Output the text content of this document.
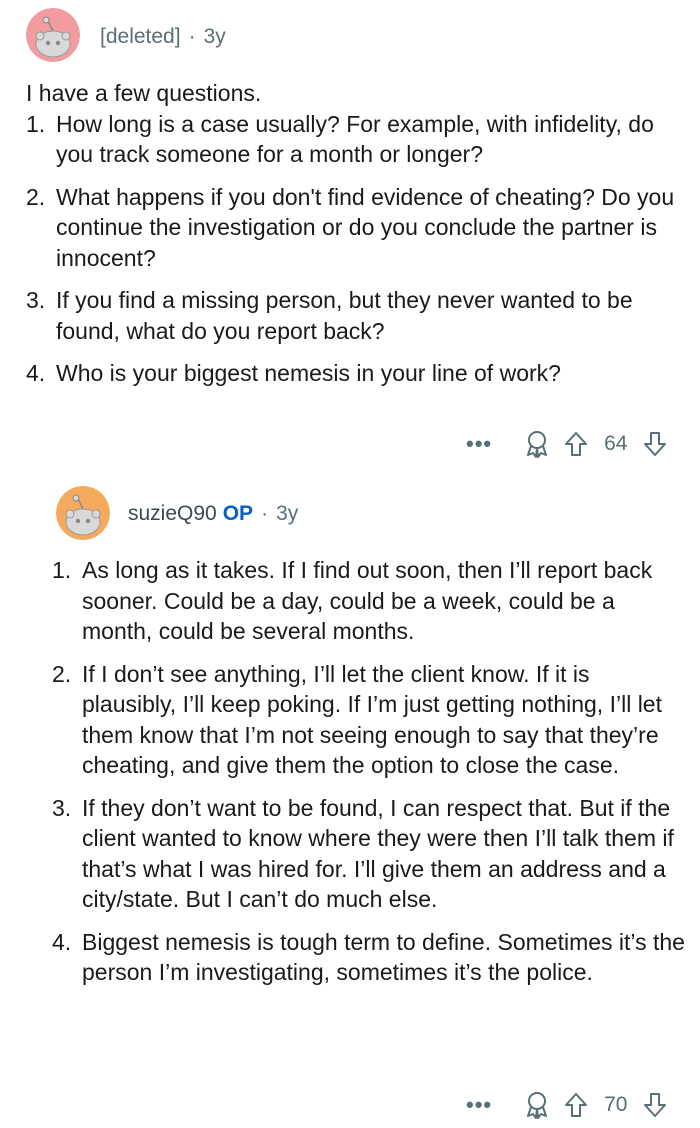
[deleted] · 3y

I have a few questions.

1. How long is a case usually? For example, with infidelity, do you track someone for a month or longer?
2. What happens if you don't find evidence of cheating? Do you continue the investigation or do you conclude the partner is innocent?
3. If you find a missing person, but they never wanted to be found, what do you report back?
4. Who is your biggest nemesis in your line of work?
•••	64
suzieQ90 OP · 3y
1. As long as it takes. If I find out soon, then I’ll report back sooner. Could be a day, could be a week, could be a month, could be several months.
2. If I don’t see anything, I’ll let the client know. If it is plausibly, I’ll keep poking. If I’m just getting nothing, I’ll let them know that I’m not seeing enough to say that they’re cheating, and give them the option to close the case.
3. If they don’t want to be found, I can respect that. But if the client wanted to know where they were then I’ll talk them if that’s what I was hired for. I’ll give them an address and a city/state. But I can’t do much else.
4. Biggest nemesis is tough term to define. Sometimes it’s the person I’m investigating, sometimes it’s the police.
•••	70
